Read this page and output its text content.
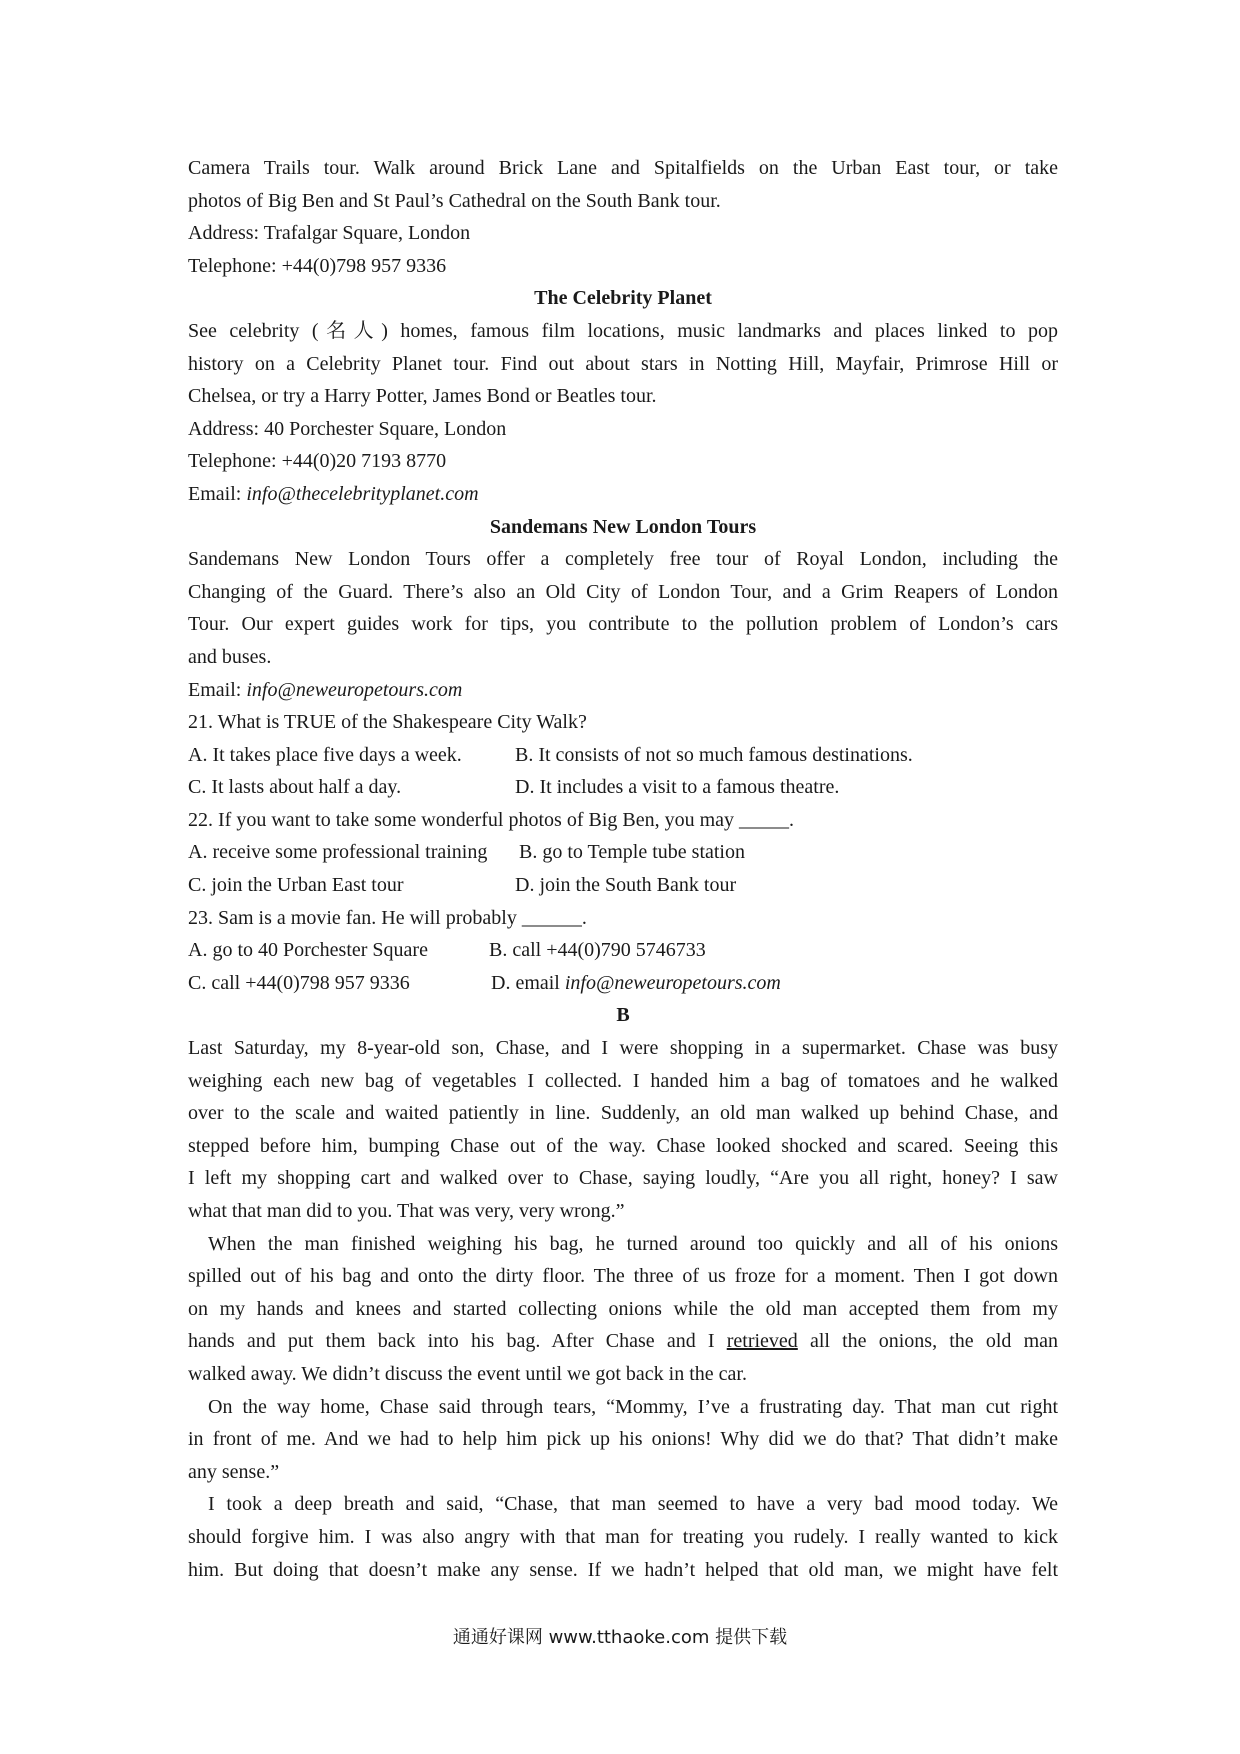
Camera Trails tour. Walk around Brick Lane and Spitalfields on the Urban East tour, or take
photos of Big Ben and St Paul’s Cathedral on the South Bank tour.
Address: Trafalgar Square, London
Telephone: +44(0)798 957 9336
The Celebrity Planet
See celebrity (名人) homes, famous film locations, music landmarks and places linked to pop
history on a Celebrity Planet tour. Find out about stars in Notting Hill, Mayfair, Primrose Hill or
Chelsea, or try a Harry Potter, James Bond or Beatles tour.
Address: 40 Porchester Square, London
Telephone: +44(0)20 7193 8770
Email: info@thecelebrityplanet.com
Sandemans New London Tours
Sandemans New London Tours offer a completely free tour of Royal London, including the
Changing of the Guard. There’s also an Old City of London Tour, and a Grim Reapers of London
Tour. Our expert guides work for tips, you contribute to the pollution problem of London’s cars
and buses.
Email: info@neweuropetours.com
21. What is TRUE of the Shakespeare City Walk?
A. It takes place five days a week.	B. It consists of not so much famous destinations.
C. It lasts about half a day.	D. It includes a visit to a famous theatre.
22. If you want to take some wonderful photos of Big Ben, you may _____.
A. receive some professional training	B. go to Temple tube station
C. join the Urban East tour	D. join the South Bank tour
23. Sam is a movie fan. He will probably ______.
A. go to 40 Porchester Square	B. call +44(0)790 5746733
C. call +44(0)798 957 9336	D. email info@neweuropetours.com
B
Last Saturday, my 8-year-old son, Chase, and I were shopping in a supermarket. Chase was busy
weighing each new bag of vegetables I collected. I handed him a bag of tomatoes and he walked
over to the scale and waited patiently in line. Suddenly, an old man walked up behind Chase, and
stepped before him, bumping Chase out of the way. Chase looked shocked and scared. Seeing this
I left my shopping cart and walked over to Chase, saying loudly, “Are you all right, honey? I saw
what that man did to you. That was very, very wrong.”
When the man finished weighing his bag, he turned around too quickly and all of his onions
spilled out of his bag and onto the dirty floor. The three of us froze for a moment. Then I got down
on my hands and knees and started collecting onions while the old man accepted them from my
hands and put them back into his bag. After Chase and I retrieved all the onions, the old man
walked away. We didn’t discuss the event until we got back in the car.
On the way home, Chase said through tears, “Mommy, I’ve a frustrating day. That man cut right
in front of me. And we had to help him pick up his onions! Why did we do that? That didn’t make
any sense.”
I took a deep breath and said, “Chase, that man seemed to have a very bad mood today. We
should forgive him. I was also angry with that man for treating you rudely. I really wanted to kick
him. But doing that doesn’t make any sense. If we hadn’t helped that old man, we might have felt
通通好课网 www.tthaoke.com 提供下载
